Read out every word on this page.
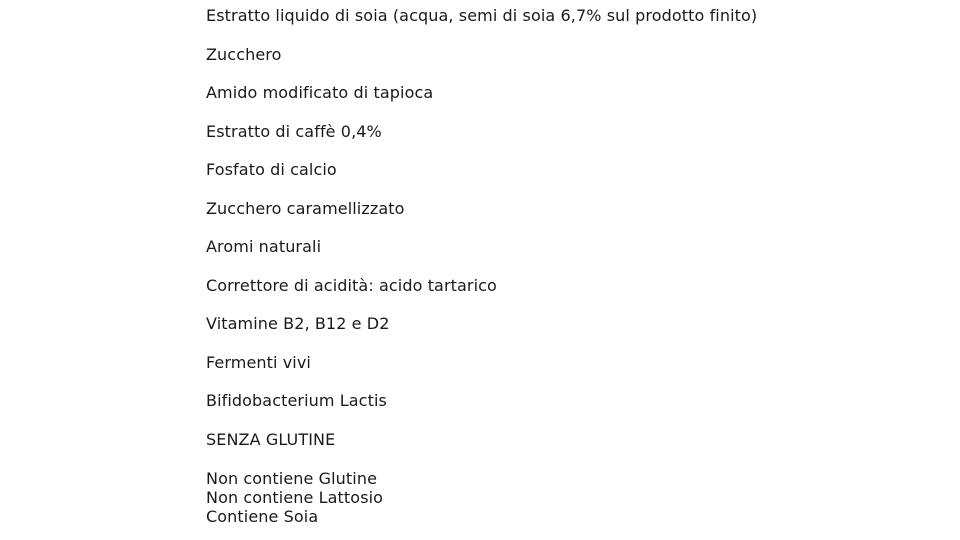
Estratto liquido di soia (acqua, semi di soia 6,7% sul prodotto finito)
Zucchero
Amido modificato di tapioca
Estratto di caffè 0,4%
Fosfato di calcio
Zucchero caramellizzato
Aromi naturali
Correttore di acidità: acido tartarico
Vitamine B2, B12 e D2
Fermenti vivi
Bifidobacterium Lactis
SENZA GLUTINE
Non contiene Glutine
Non contiene Lattosio
Contiene Soia
